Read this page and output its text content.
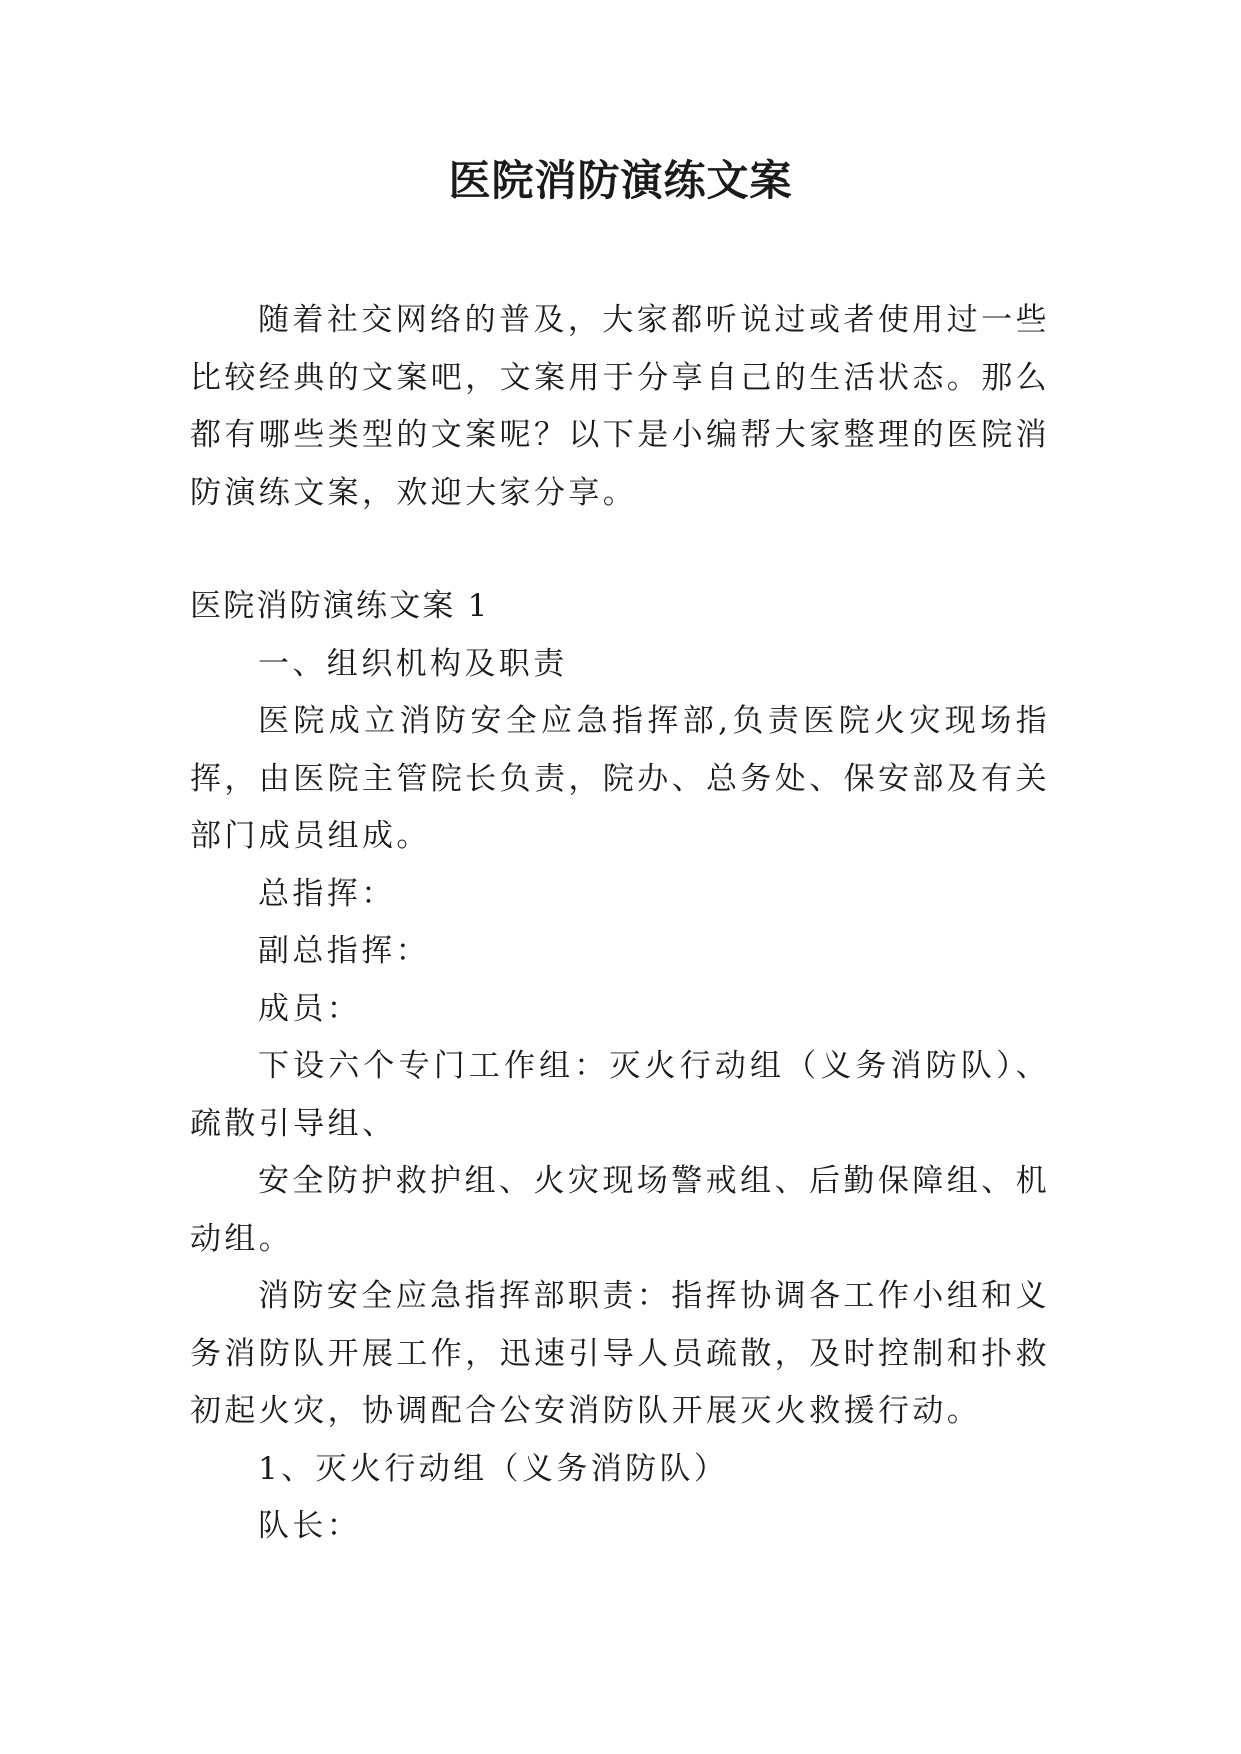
医院消防演练文案

随着社交网络的普及，大家都听说过或者使用过一些比较经典的文案吧，文案用于分享自己的生活状态。那么都有哪些类型的文案呢？以下是小编帮大家整理的医院消防演练文案，欢迎大家分享。

医院消防演练文案 1

一、组织机构及职责

医院成立消防安全应急指挥部,负责医院火灾现场指挥，由医院主管院长负责，院办、总务处、保安部及有关部门成员组成。

总指挥：

副总指挥：

成员：

下设六个专门工作组：灭火行动组（义务消防队）、疏散引导组、

安全防护救护组、火灾现场警戒组、后勤保障组、机动组。

消防安全应急指挥部职责：指挥协调各工作小组和义务消防队开展工作，迅速引导人员疏散，及时控制和扑救初起火灾，协调配合公安消防队开展灭火救援行动。

1、灭火行动组（义务消防队）

队长：
